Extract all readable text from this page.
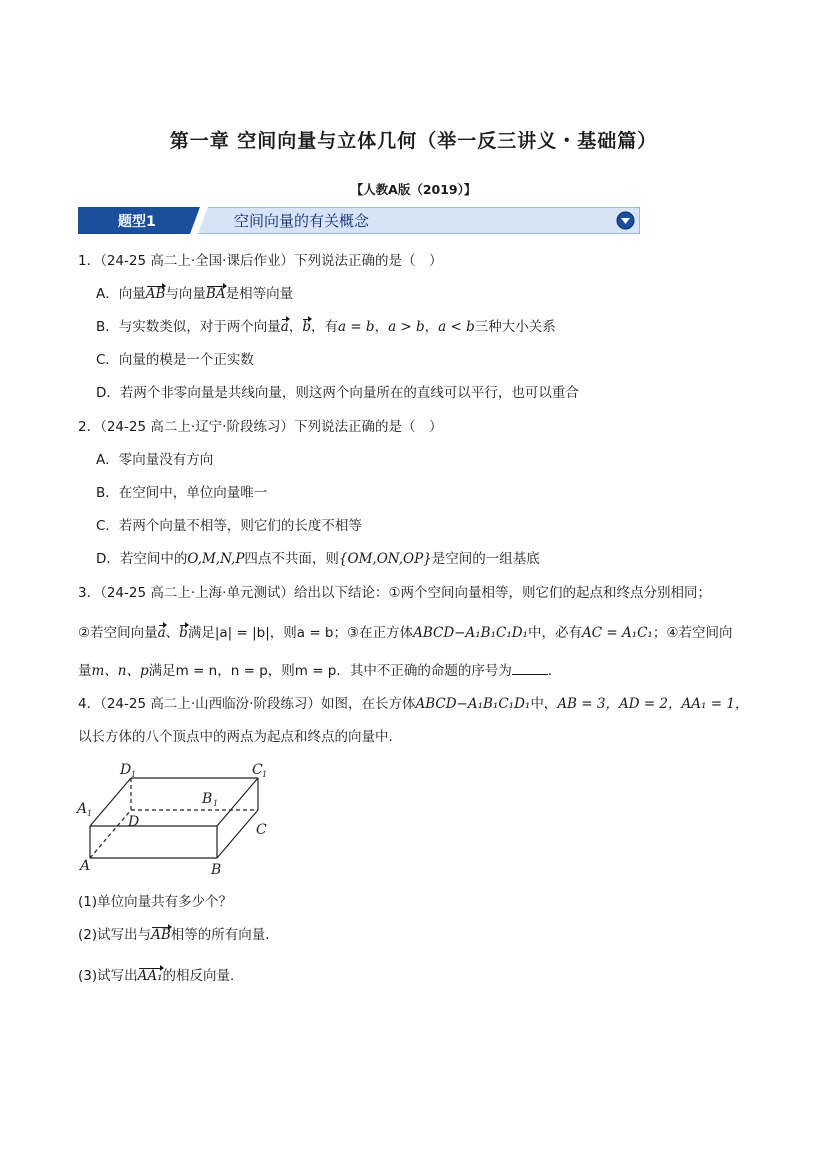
第一章 空间向量与立体几何（举一反三讲义・基础篇）
【人教A版（2019）】
题型1	空间向量的有关概念
1．（24-25 高二上·全国·课后作业）下列说法正确的是（　）
A．向量AB与向量BA是相等向量
B．与实数类似，对于两个向量a，b，有a = b，a > b，a < b三种大小关系
C．向量的模是一个正实数
D．若两个非零向量是共线向量，则这两个向量所在的直线可以平行，也可以重合
2．（24-25 高二上·辽宁·阶段练习）下列说法正确的是（　）
A．零向量没有方向
B．在空间中，单位向量唯一
C．若两个向量不相等，则它们的长度不相等
D．若空间中的O,M,N,P四点不共面，则{OM,ON,OP}是空间的一组基底
3．（24-25 高二上·上海·单元测试）给出以下结论：①两个空间向量相等，则它们的起点和终点分别相同；
②若空间向量a、b满足|a| = |b|，则a = b；③在正方体ABCD−A₁B₁C₁D₁中，必有AC = A₁C₁；④若空间向
量m、n、p满足m = n，n = p，则m = p．其中不正确的命题的序号为	．
4．（24-25 高二上·山西临汾·阶段练习）如图，在长方体ABCD−A₁B₁C₁D₁中，AB = 3，AD = 2，AA₁ = 1，
以长方体的八个顶点中的两点为起点和终点的向量中．
D 1	C 1
A 1
B 1
D	C
A	B
(1)单位向量共有多少个？
(2)试写出与AB相等的所有向量．
(3)试写出AA₁的相反向量．
